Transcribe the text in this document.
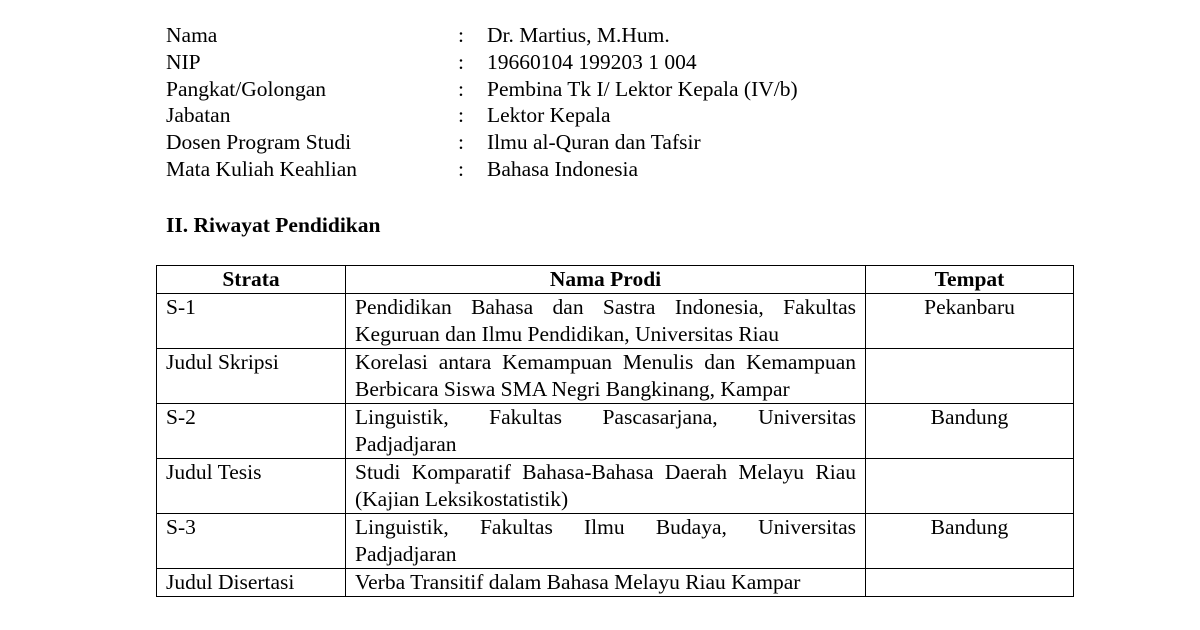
Nama	:	Dr. Martius, M.Hum.
NIP	:	19660104 199203 1 004
Pangkat/Golongan	:	Pembina Tk I/ Lektor Kepala (IV/b)
Jabatan	:	Lektor Kepala
Dosen Program Studi	:	Ilmu al-Quran dan Tafsir
Mata Kuliah Keahlian	:	Bahasa Indonesia
II. Riwayat Pendidikan
Strata	Nama Prodi	Tempat
S-1	Pendidikan Bahasa dan Sastra Indonesia, Fakultas Keguruan dan Ilmu Pendidikan, Universitas Riau	Pekanbaru
Judul Skripsi	Korelasi antara Kemampuan Menulis dan Kemampuan Berbicara Siswa SMA Negri Bangkinang, Kampar	
S-2	Linguistik, Fakultas Pascasarjana, Universitas Padjadjaran	Bandung
Judul Tesis	Studi Komparatif Bahasa-Bahasa Daerah Melayu Riau (Kajian Leksikostatistik)	
S-3	Linguistik, Fakultas Ilmu Budaya, Universitas Padjadjaran	Bandung
Judul Disertasi	Verba Transitif dalam Bahasa Melayu Riau Kampar	
